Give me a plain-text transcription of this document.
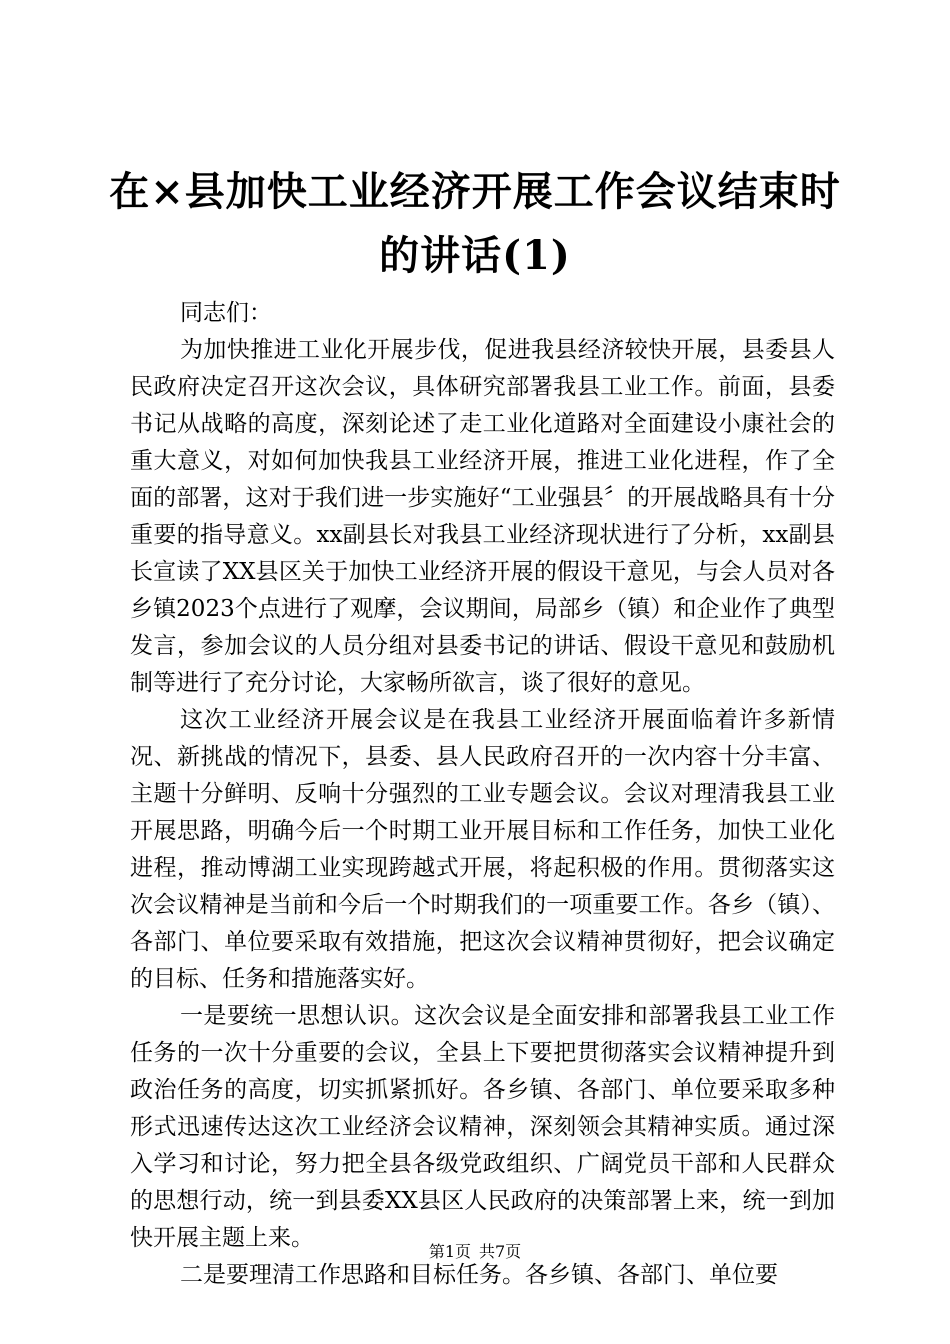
在×县加快工业经济开展工作会议结束时的讲话(1)

同志们：

为加快推进工业化开展步伐，促进我县经济较快开展，县委县人民政府决定召开这次会议，具体研究部署我县工业工作。前面，县委书记从战略的高度，深刻论述了走工业化道路对全面建设小康社会的重大意义，对如何加快我县工业经济开展，推进工业化进程，作了全面的部署，这对于我们进一步实施好“工业强县〞的开展战略具有十分重要的指导意义。xx副县长对我县工业经济现状进行了分析，xx副县长宣读了XX县区关于加快工业经济开展的假设干意见，与会人员对各乡镇2023个点进行了观摩，会议期间，局部乡（镇）和企业作了典型发言，参加会议的人员分组对县委书记的讲话、假设干意见和鼓励机制等进行了充分讨论，大家畅所欲言，谈了很好的意见。

这次工业经济开展会议是在我县工业经济开展面临着许多新情况、新挑战的情况下，县委、县人民政府召开的一次内容十分丰富、主题十分鲜明、反响十分强烈的工业专题会议。会议对理清我县工业开展思路，明确今后一个时期工业开展目标和工作任务，加快工业化进程，推动博湖工业实现跨越式开展，将起积极的作用。贯彻落实这次会议精神是当前和今后一个时期我们的一项重要工作。各乡（镇）、各部门、单位要采取有效措施，把这次会议精神贯彻好，把会议确定的目标、任务和措施落实好。

一是要统一思想认识。这次会议是全面安排和部署我县工业工作任务的一次十分重要的会议，全县上下要把贯彻落实会议精神提升到政治任务的高度，切实抓紧抓好。各乡镇、各部门、单位要采取多种形式迅速传达这次工业经济会议精神，深刻领会其精神实质。通过深入学习和讨论，努力把全县各级党政组织、广阔党员干部和人民群众的思想行动，统一到县委XX县区人民政府的决策部署上来，统一到加快开展主题上来。

二是要理清工作思路和目标任务。各乡镇、各部门、单位要

第1页 共7页
